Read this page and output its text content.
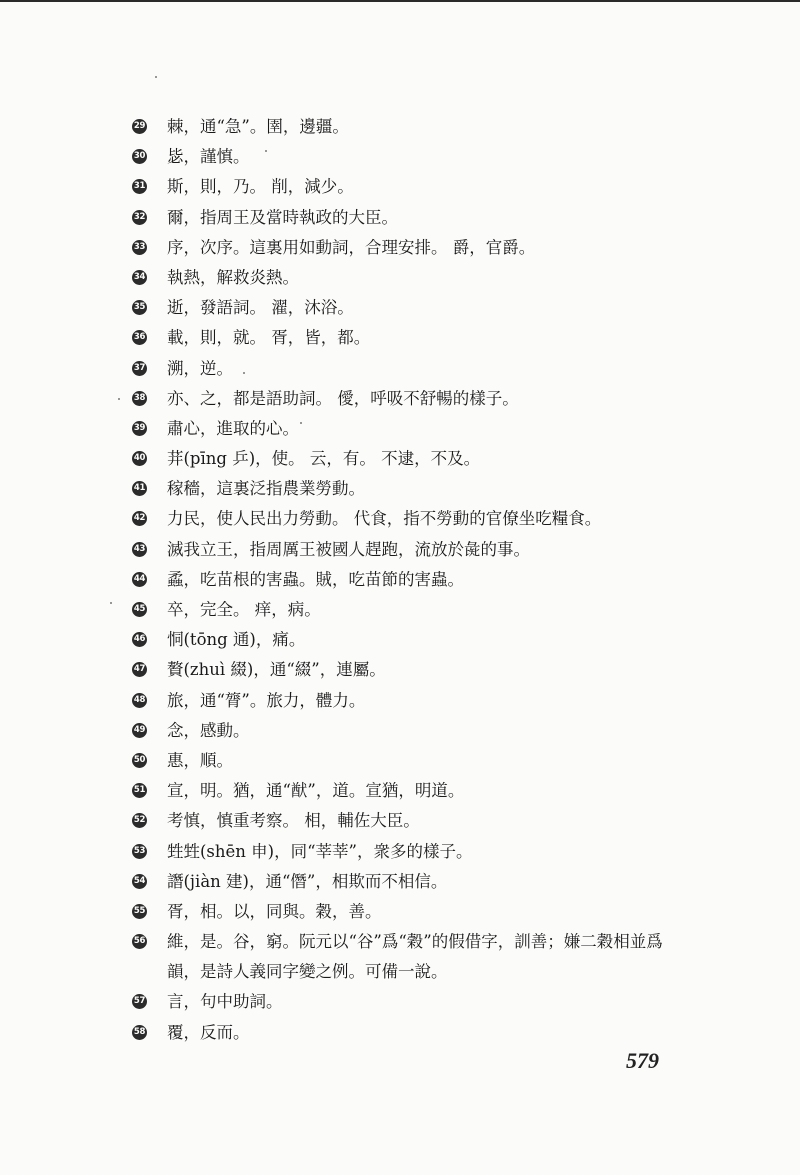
29 棘，通“急”。圉，邊疆。
30 毖，謹慎。
31 斯，則，乃。 削，減少。
32 爾，指周王及當時執政的大臣。
33 序，次序。這裏用如動詞，合理安排。 爵，官爵。
34 執熱，解救炎熱。
35 逝，發語詞。 濯，沐浴。
36 載，則，就。 胥，皆，都。
37 溯，逆。
38 亦、之，都是語助詞。 僾，呼吸不舒暢的樣子。
39 肅心，進取的心。
40 荓(pīng 乒)，使。 云，有。 不逮，不及。
41 稼穡，這裏泛指農業勞動。
42 力民，使人民出力勞動。 代食，指不勞動的官僚坐吃糧食。
43 滅我立王，指周厲王被國人趕跑，流放於彘的事。
44 蟊，吃苗根的害蟲。賊，吃苗節的害蟲。
45 卒，完全。 痒，病。
46 恫(tōng 通)，痛。
47 贅(zhuì 綴)，通“綴”，連屬。
48 旅，通“膂”。旅力，體力。
49 念，感動。
50 惠，順。
51 宣，明。猶，通“猷”，道。宣猶，明道。
52 考慎，慎重考察。 相，輔佐大臣。
53 甡甡(shēn 申)，同“莘莘”，衆多的樣子。
54 譖(jiàn 建)，通“僭”，相欺而不相信。
55 胥，相。以，同與。穀，善。
56 維，是。谷，窮。阮元以“谷”爲“穀”的假借字，訓善；嫌二穀相並爲韻，是詩人義同字變之例。可備一說。
57 言，句中助詞。
58 覆，反而。
579
